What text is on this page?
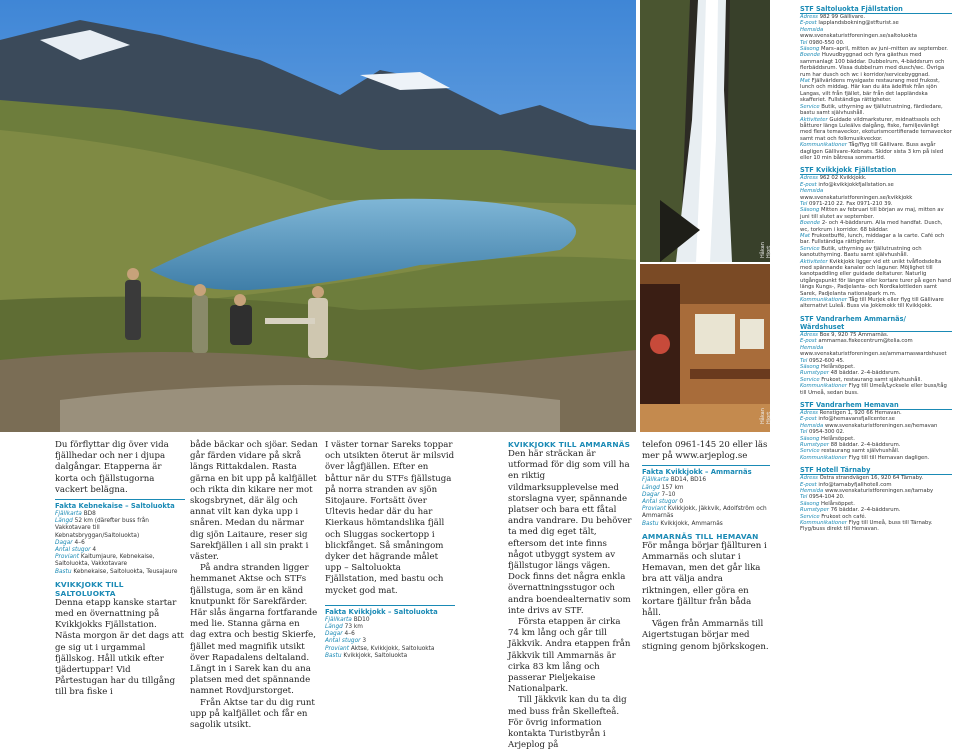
Håkan Hjort
Håkan Hjort

Du förflyttar dig över vida fjällhedar och ner i djupa dalgångar. Etapperna är korta och fjällstugorna vackert belägna.

Fakta Kebnekaise – Saltoluokta
Fjällkarta BD8
Längd 52 km (därefter buss från Vakkotavare till Kebnatsbryggan/Saltoluokta)
Dagar 4–6
Antal stugor 4
Proviant Kaitumjaure, Kebnekaise, Saltoluokta, Vakkotavare
Bastu Kebnekaise, Saltoluokta, Teusajaure
KVIKKJOKK TILL SALTOLUOKTA

Denna etapp kanske startar med en övernattning på Kvikkjokks Fjällstation. Nästa morgon är det dags att ge sig ut i urgammal fjällskog. Håll utkik efter tjädertuppar! Vid Pårtestugan har du tillgång till bra fiske i

både bäckar och sjöar. Sedan går färden vidare på skrå längs Rittakdalen. Rasta gärna en bit upp på kalfjället och rikta din kikare ner mot skogsbrynet, där älg och annat vilt kan dyka upp i snåren. Medan du närmar dig sjön Laitaure, reser sig Sarekfjällen i all sin prakt i väster.

På andra stranden ligger hemmanet Aktse och STFs fjällstuga, som är en känd knutpunkt för Sarekfärder. Här slås ängarna fortfarande med lie. Stanna gärna en dag extra och bestig Skierfe, fjället med magnifik utsikt över Rapadalens deltaland. Längt in i Sarek kan du ana platsen med det spännande namnet Rovdjurstorget.

Från Aktse tar du dig runt upp på kalfjället och får en sagolik utsikt.

I väster tornar Sareks toppar och utsikten öterut är milsvid över lågfjällen. Efter en båttur när du STFs fjällstuga på norra stranden av sjön Sitojaure. Fortsätt över Ultevis hedar där du har Kierkaus hömtandslika fjäll och Sluggas sockertopp i blickfånget. Så småningom dyker det hägrande målet upp – Saltoluokta Fjällstation, med bastu och mycket god mat.

Fakta Kvikkjokk – Saltoluokta
Fjällkarta BD10
Längd 73 km
Dagar 4–6
Antal stugor 3
Proviant Aktse, Kvikkjokk, Saltoluokta
Bastu Kvikkjokk, Saltoluokta
KVIKKJOKK TILL AMMARNÄS

Den här sträckan är utformad för dig som vill ha en riktig vildmarksupplevelse med storslagna vyer, spännande platser och bara ett fåtal andra vandrare. Du behöver ta med dig eget tält, eftersom det inte finns något utbyggt system av fjällstugor längs vägen. Dock finns det några enkla övernattningsstugor och andra boendealternativ som inte drivs av STF.

Första etappen är cirka 74 km lång och går till Jäkkvik. Andra etappen från Jäkkvik till Ammarnäs är cirka 83 km lång och passerar Pieljekaise Nationalpark.

Till Jäkkvik kan du ta dig med buss från Skellefteå. För övrig information kontakta Turistbyrån i Arjeplog på

telefon 0961-145 20 eller läs mer på www.arjeplog.se

Fakta Kvikkjokk – Ammarnäs
Fjällkarta BD14, BD16
Längd 157 km
Dagar 7–10
Antal stugor 0
Proviant Kvikkjokk, Jäkkvik, Adolfström och Ammarnäs
Bastu Kvikkjokk, Ammarnäs
AMMARNÄS TILL HEMAVAN

För många börjar fjällturen i Ammarnäs och slutar i Hemavan, men det går lika bra att välja andra riktningen, eller göra en kortare fjälltur från båda håll.

Vägen från Ammarnäs till Aigertstugan börjar med stigning genom björkskogen.

STF Saltoluokta Fjällstation
Adress 982 99 Gällivare.
E-post lapplandsbokning@stfturist.se
Hemsida
www.svenskaturistforeningen.se/saltoluokta
Tel 0980-550 00.
Säsong Mars–april, mitten av juni–mitten av september.
Boende Huvudbyggnad och fyra gästhus med sammanlagt 100 bäddar. Dubbelrum, 4-bäddsrum och flerbäddsrum. Vissa dubbelrum med dusch/wc. Övriga rum har dusch och wc i korridor/servicebyggnad.
Mat Fjällvärldens mysigaste restaurang med frukost, lunch och middag. Här kan du äta ädelfisk från sjön Langas, vilt från fjället, bär från det lappländska skafferiet. Fullständiga rättigheter.
Service Butik, uthyrning av fjällutrustning, färdiedare, bastu samt självhushåll.
Aktiviteter Guidade vildmarksturer, midnattssols och båtturer längs Luleälvs dalgång, fiske, familjevänligt med flera temaveckor, ekoturismcertifierade temaveckor samt mat och folkmusikveckor.
Kommunikationer Tåg/flyg till Gällivare. Buss avgår dagligen Gällivare–Kebnats. Skidor sista 3 km på isled eller 10 min båtresa sommartid.
STF Kvikkjokk Fjällstation
Adress 962 02 Kvikkjokk.
E-post info@kvikkjokkfjallstation.se
Hemsida
www.svenskaturistforeningen.se/kvikkjokk
Tel 0971-210 22. Fax 0971-210 39.
Säsong Mitten av februari till början av maj, mitten av juni till slutet av september.
Boende 2- och 4-bäddsrum. Alla med handfat. Dusch, wc, torkrum i korridor. 68 bäddar.
Mat Frukostbuffé, lunch, middagar a la carte. Café och bar. Fullständiga rättigheter.
Service Butik, uthyrning av fjällutrustning och kanotuthyrning. Bastu samt självhushåll.
Aktiviteter Kvikkjokk ligger vid ett unikt tvåflodsdelta med spännande kanaler och laguner. Möjlighet till kanotpaddling eller guidade deltaturer. Naturlig utgångspunkt för längre eller kortare turer på egen hand längs Kungs-, Padjelanta- och Nordkalottleden samt Sarek, Padjelanta nationalpark m.m.
Kommunikationer Tåg till Murjek eller flyg till Gällivare alternativt Luleå. Buss via Jokkmokk till Kvikkjokk.
STF Vandrarhem Ammarnäs/ Wärdshuset
Adress Box 9, 920 75 Ammarnäs.
E-post ammarnas.fiskecentrum@telia.com
Hemsida
www.svenskaturistforeningen.se/ammarnaswardshuset
Tel 0952-600 45.
Säsong Helårsöppet.
Rumstyper 48 bäddar. 2–4-bäddsrum.
Service Frukost, restaurang samt självhushåll.
Kommunikationer Flyg till Umeå/Lycksele eller buss/tåg till Umeå, sedan buss.
STF Vandrarhem Hemavan
Adress Renstigen 1, 920 66 Hemavan.
E-post info@hemavansfjallcenter.se
Hemsida www.svenskaturistforeningen.se/hemavan
Tel 0954-300 02.
Säsong Helårsöppet.
Rumstyper 88 bäddar. 2–4-bäddsrum.
Service restaurang samt självhushåll.
Kommunikationer Flyg till till Hemavan dagligen.
STF Hotell Tärnaby
Adress Östra strandvägen 16, 920 64 Tärnaby.
E-post info@tarnabyfjallhotell.com
Hemsida www.svenskaturistforeningen.se/tarnaby
Tel 0954-104 20.
Säsong Helårsöppet.
Rumstyper 76 bäddar. 2–4-bäddsrum.
Service Frukost och café.
Kommunikationer Flyg till Umeå, buss till Tärnaby. Flyg/buss direkt till Hemavan.
